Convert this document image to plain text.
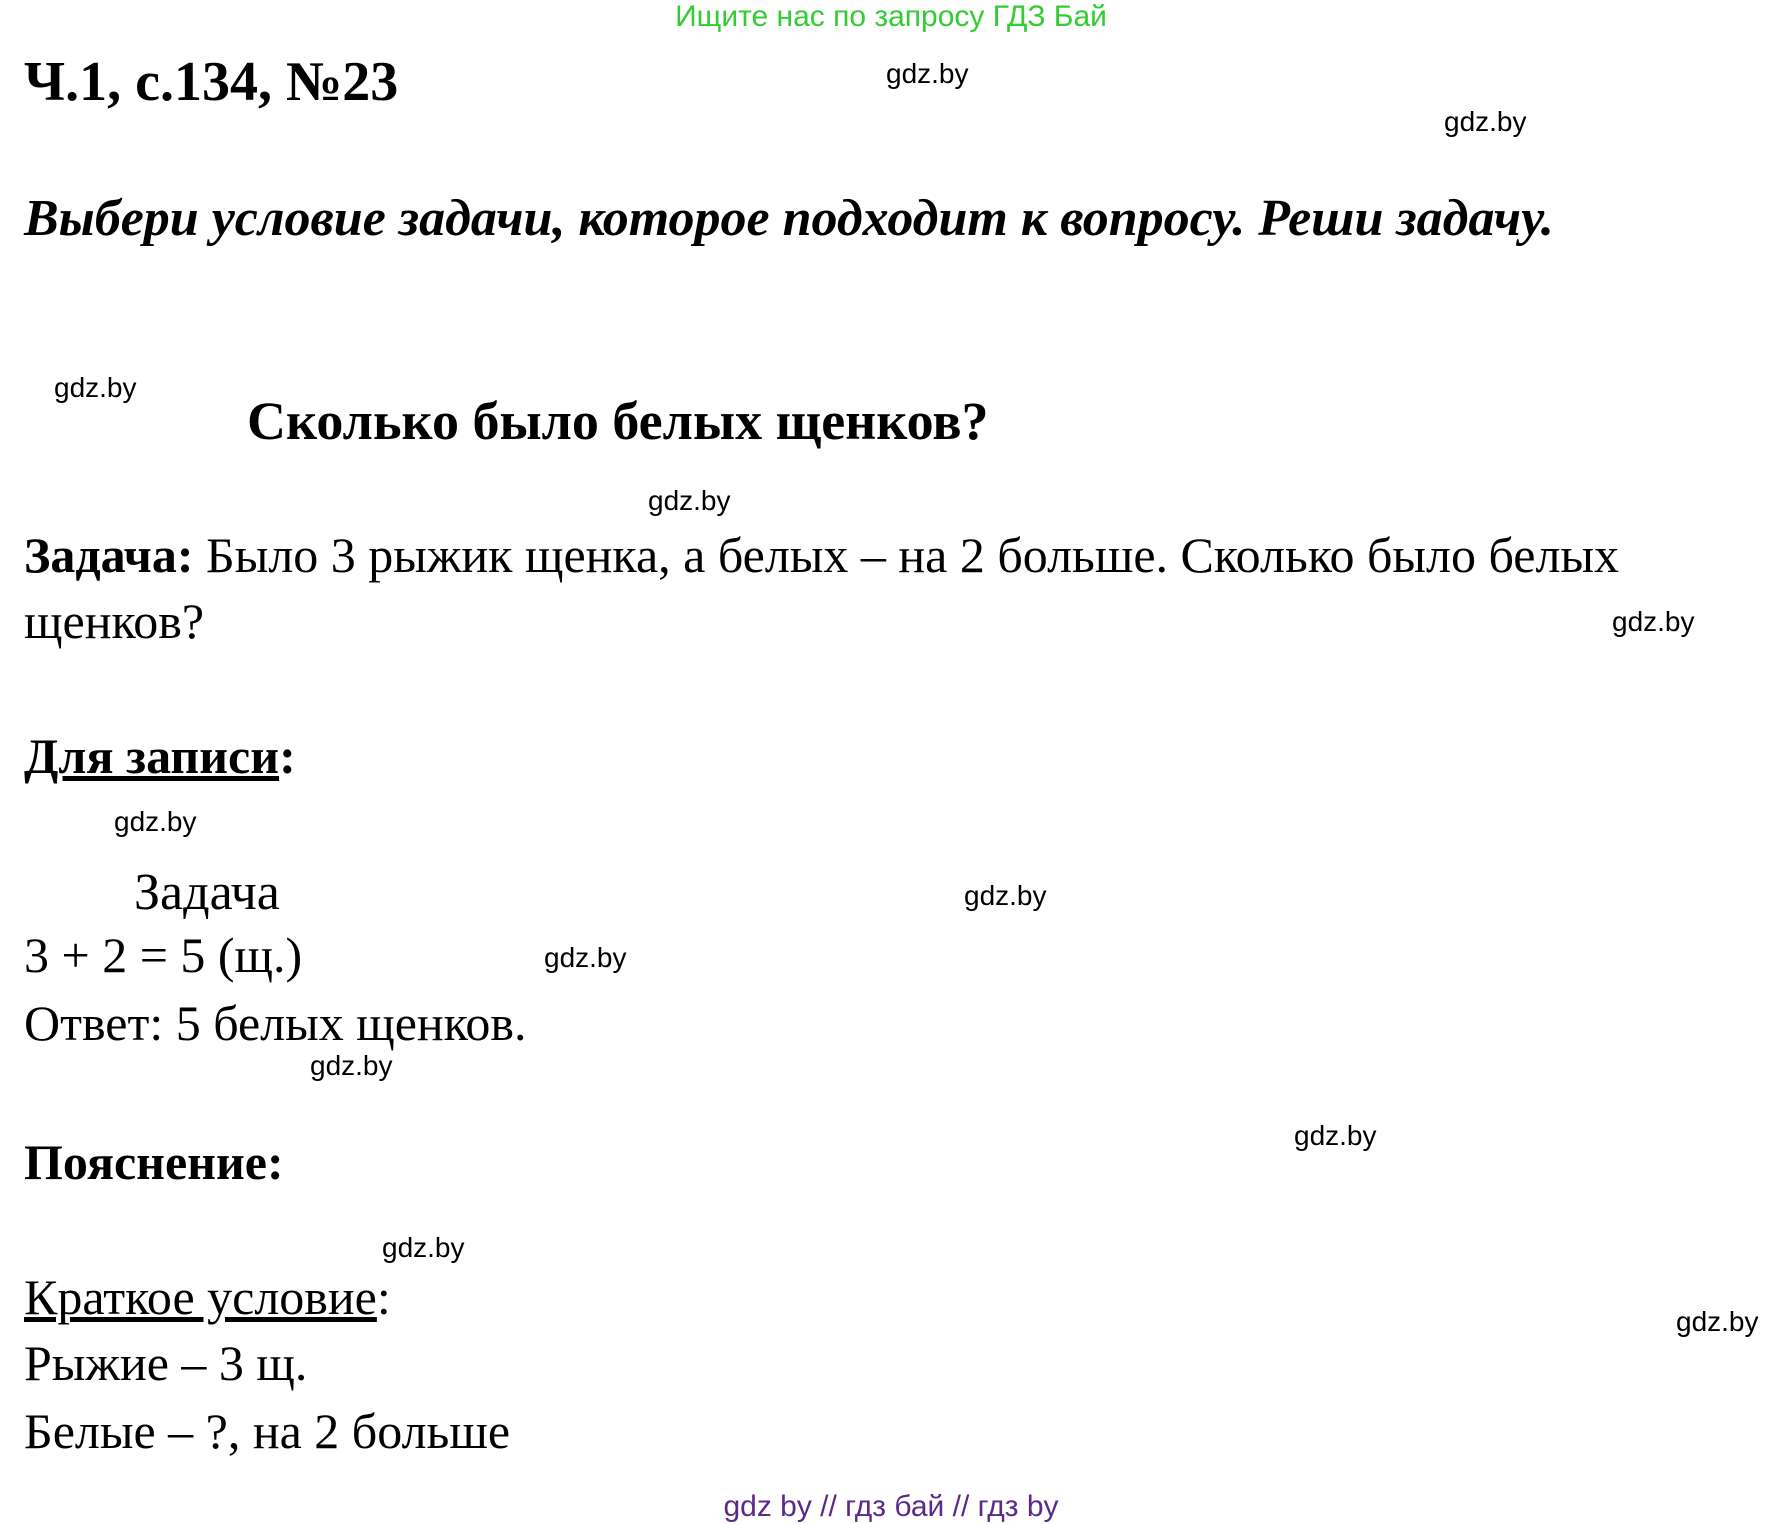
Ищите нас по запросу ГДЗ Бай
Ч.1, с.134, №23
Выбери условие задачи, которое подходит к вопросу. Реши задачу.
Сколько было белых щенков?
Задача: Было 3 рыжик щенка, а белых – на 2 больше. Сколько было белых щенков?
Для записи:
Задача
3 + 2 = 5 (щ.)
Ответ: 5 белых щенков.
Пояснение:
Краткое условие:
Рыжие – 3 щ.
Белые – ?, на 2 больше
gdz.by
gdz.by
gdz.by
gdz.by
gdz.by
gdz.by
gdz.by
gdz.by
gdz.by
gdz.by
gdz.by
gdz.by
gdz by // гдз бай // гдз by
